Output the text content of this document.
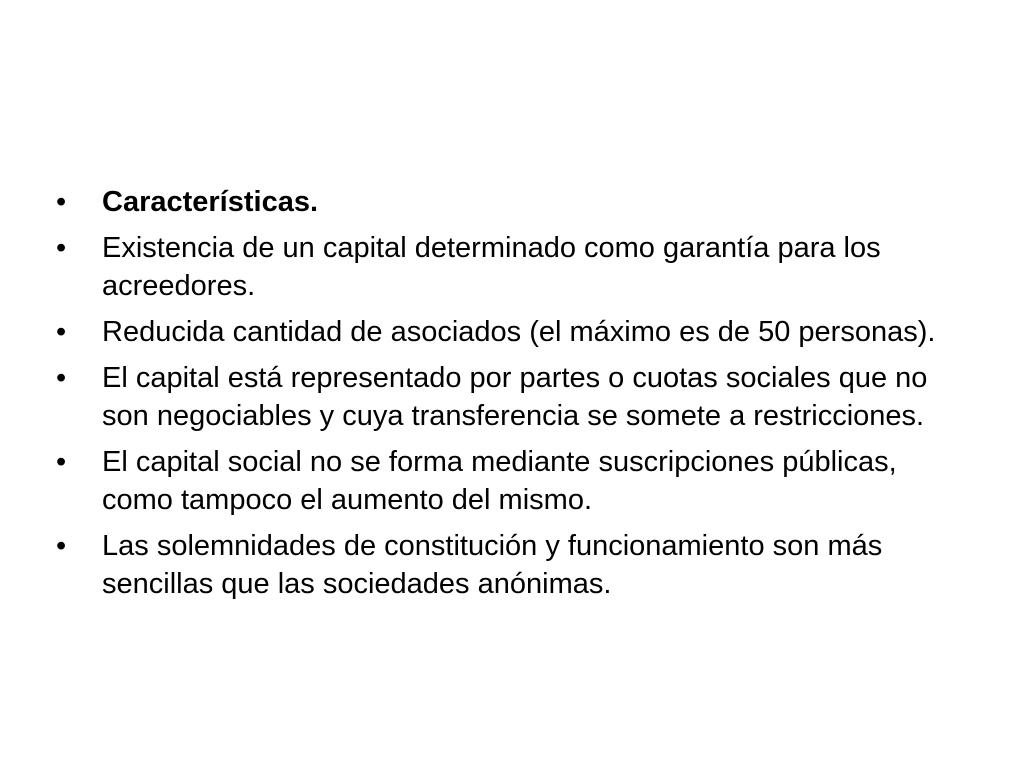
•	Características.
•	Existencia de un capital determinado como garantía para los acreedores.
•	Reducida cantidad de asociados (el máximo es de 50 personas).
•	El capital está representado por partes o cuotas sociales que no son negociables y cuya transferencia se somete a restricciones.
•	El capital social no se forma mediante suscripciones públicas, como tampoco el aumento del mismo.
•	Las solemnidades de constitución y funcionamiento son más sencillas que las sociedades anónimas.
